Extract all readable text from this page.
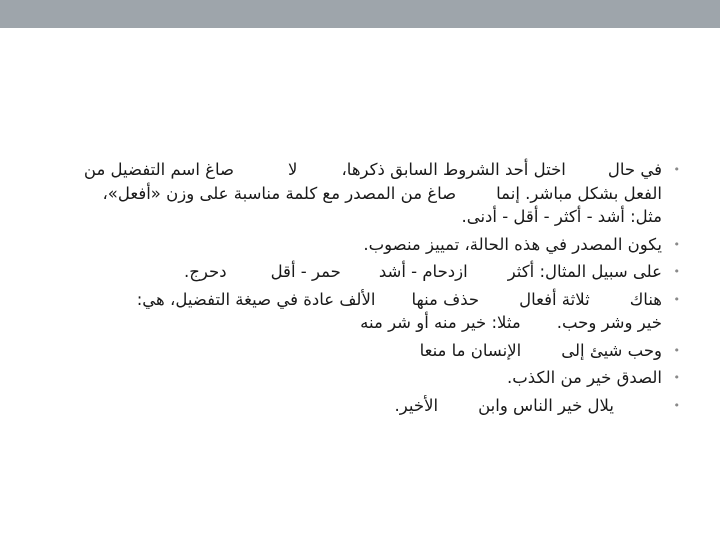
•
في حالاختل أحد الشروط السابق ذكرها،لاصاغ اسم التفضيل من
الفعل بشكل مباشر. إنماصاغ من المصدر مع كلمة مناسبة على وزن «أفعل»،
مثل: أشد - أكثر - أقل - أدنى.
•
يكون المصدر في هذه الحالة، تمييز منصوب.
•
على سبيل المثال: أكثرازدحام - أشدحمر - أقلدحرج.
•
هناكثلاثة أفعالحذف منهاالألف عادة في صيغة التفضيل، هي:
خير وشر وحب.مثلا: خير منه أو شر منه
•
وحب شيئ إلىالإنسان ما منعا
•
الصدق خير من الكذب.
•
يلال خير الناس وابنالأخير.
